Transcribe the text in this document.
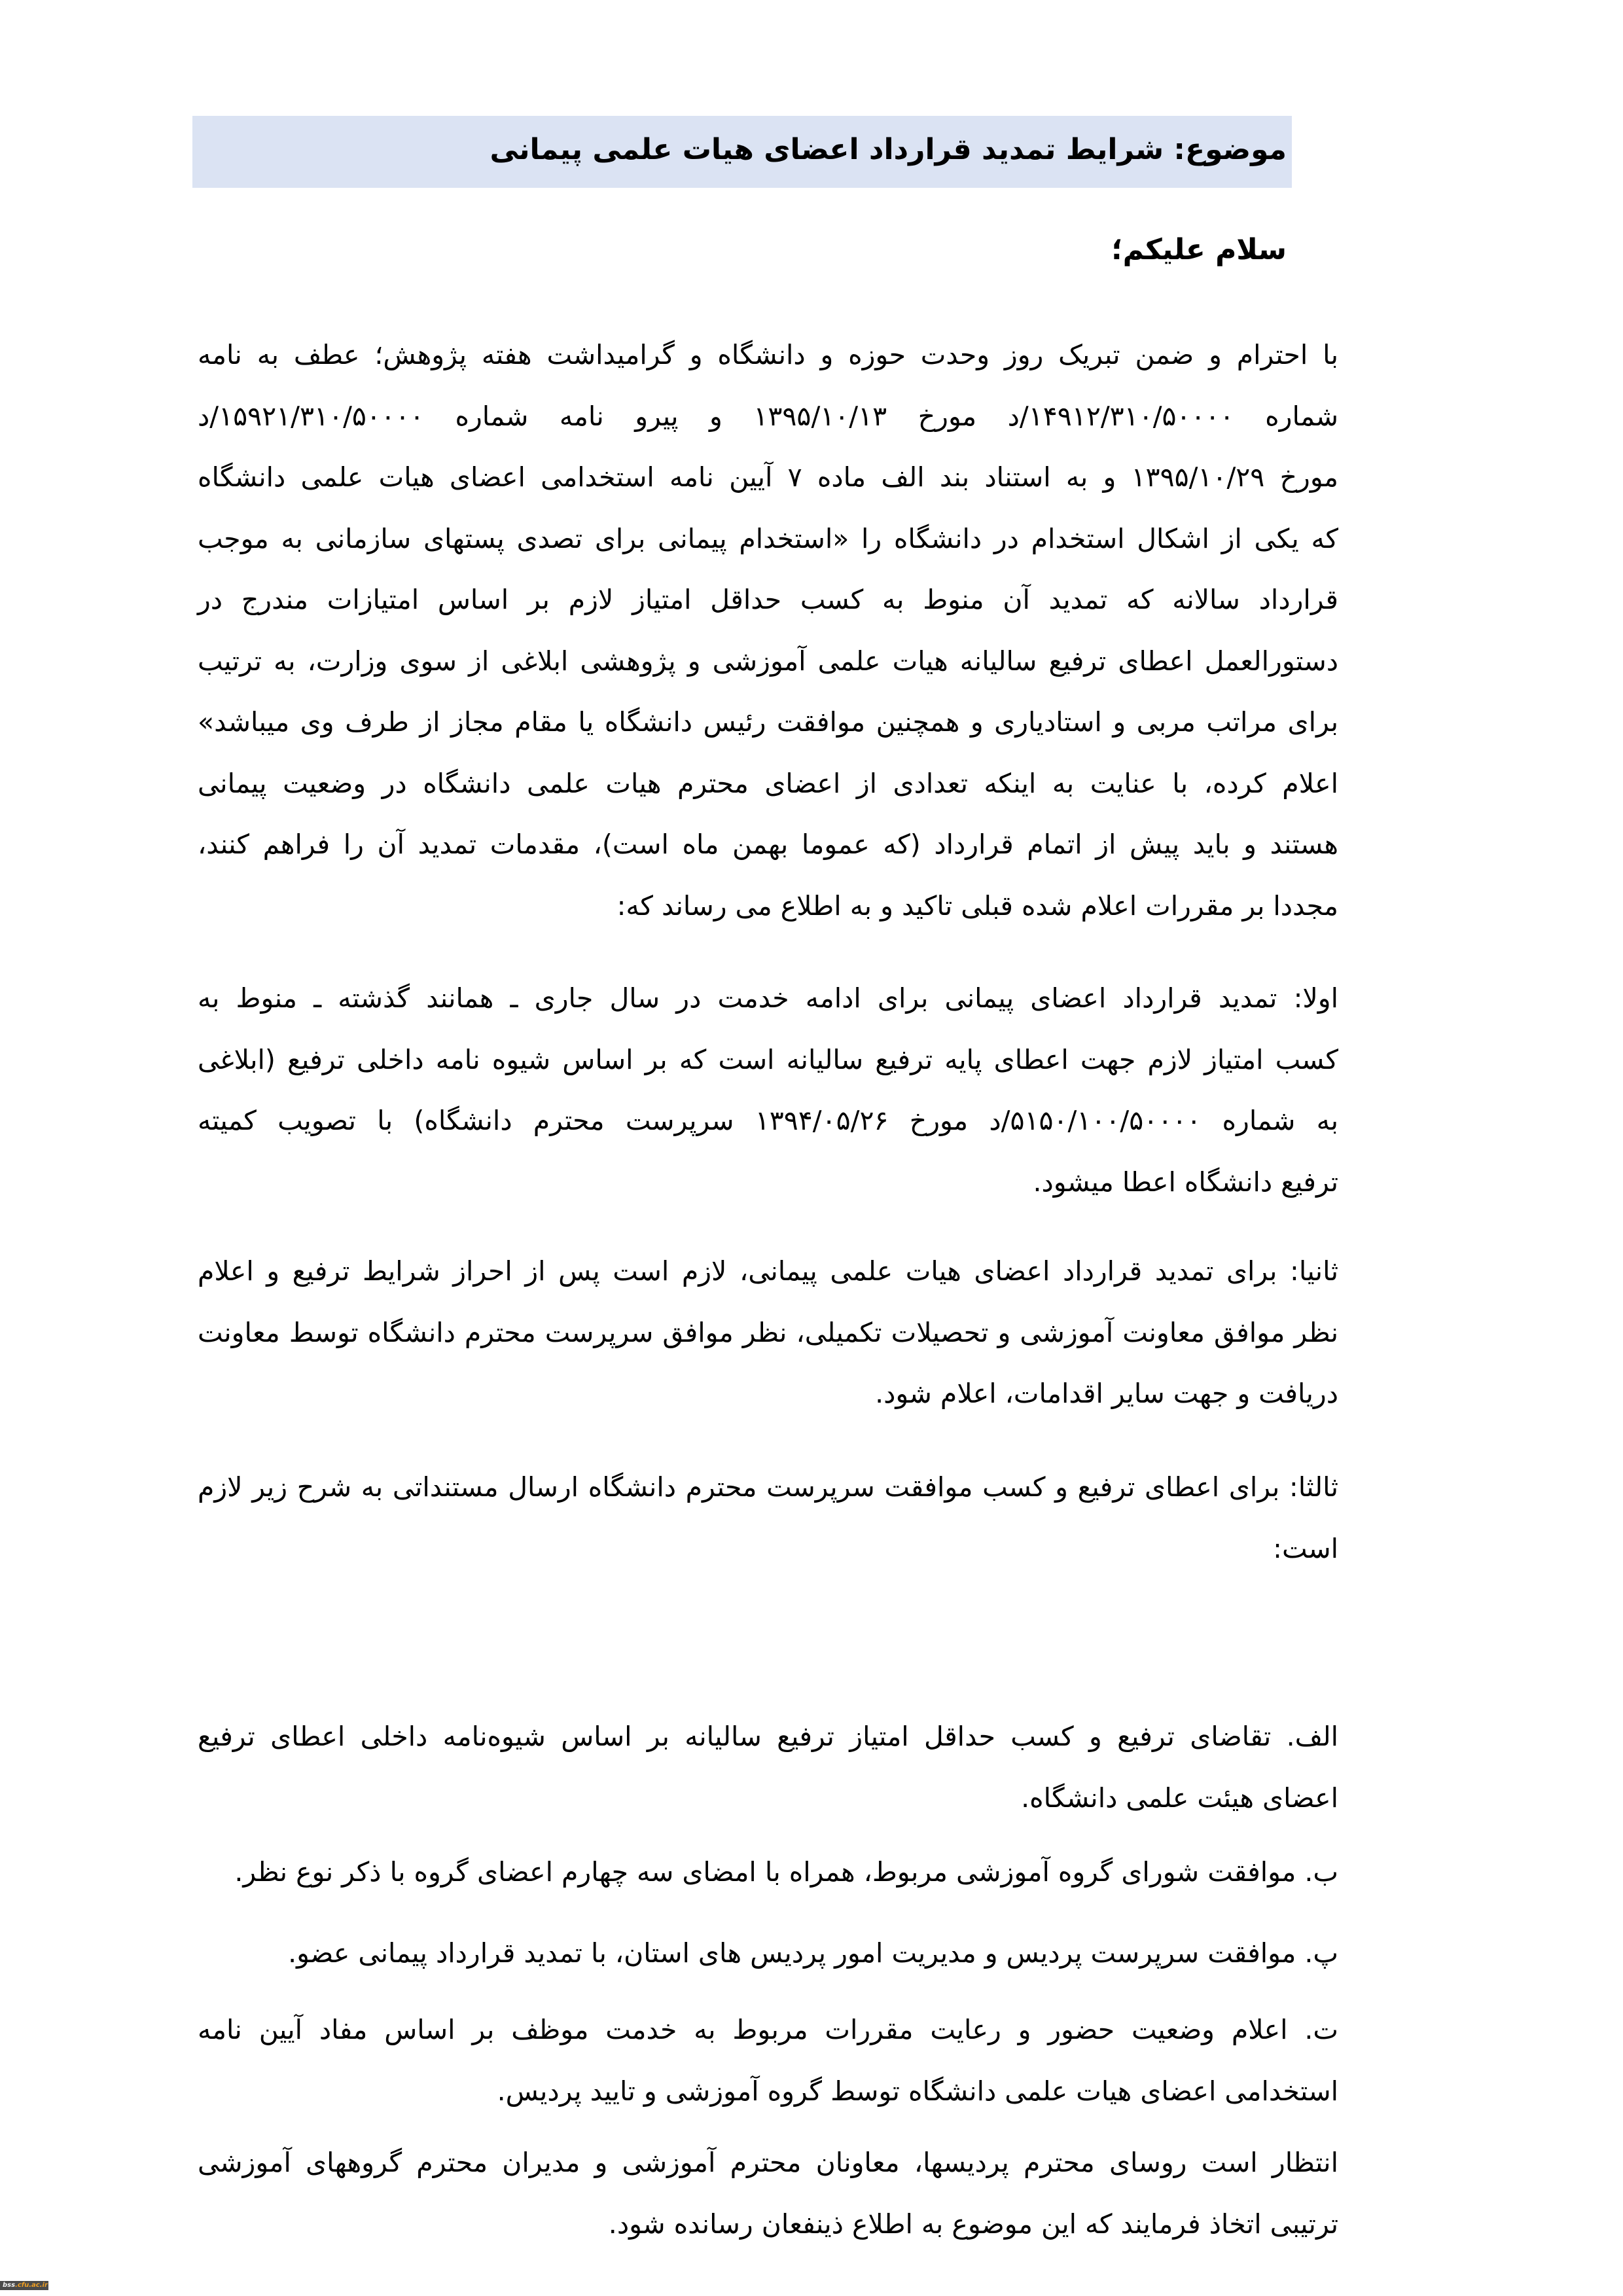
موضوع: شرایط تمدید قرارداد اعضای هیات علمی پیمانی
سلام علیکم؛
با احترام و ضمن تبریک روز وحدت حوزه و دانشگاه و گرامیداشت هفته پژوهش؛ عطف به نامه
شماره ۱۴۹۱۲/۳۱۰/۵۰۰۰۰/د مورخ ۱۳۹۵/۱۰/۱۳ و پیرو نامه شماره ۱۵۹۲۱/۳۱۰/۵۰۰۰۰/د
مورخ ۱۳۹۵/۱۰/۲۹ و به استناد بند الف ماده ۷ آیین نامه استخدامی اعضای هیات علمی دانشگاه
که یکی از اشکال استخدام در دانشگاه را «استخدام پیمانی برای تصدی پستهای سازمانی به موجب
قرارداد سالانه که تمدید آن منوط به کسب حداقل امتیاز لازم بر اساس امتیازات مندرج در
دستورالعمل اعطای ترفیع سالیانه هیات علمی آموزشی و پژوهشی ابلاغی از سوی وزارت، به ترتیب
برای مراتب مربی و استادیاری و همچنین موافقت رئیس دانشگاه یا مقام مجاز از طرف وی میباشد»
اعلام کرده، با عنایت به اینکه تعدادی از اعضای محترم هیات علمی دانشگاه در وضعیت پیمانی
هستند و باید پیش از اتمام قرارداد (که عموما بهمن ماه است)، مقدمات تمدید آن را فراهم کنند،
مجددا بر مقررات اعلام شده قبلی تاکید و به اطلاع می رساند که:
اولا: تمدید قرارداد اعضای پیمانی برای ادامه خدمت در سال جاری ـ همانند گذشته ـ منوط به
کسب امتیاز لازم جهت اعطای پایه ترفیع سالیانه است که بر اساس شیوه نامه داخلی ترفیع (ابلاغی
به شماره ۵۱۵۰/۱۰۰/۵۰۰۰۰/د مورخ ۱۳۹۴/۰۵/۲۶ سرپرست محترم دانشگاه) با تصویب کمیته
ترفیع دانشگاه اعطا میشود.
ثانیا: برای تمدید قرارداد اعضای هیات علمی پیمانی، لازم است پس از احراز شرایط ترفیع و اعلام
نظر موافق معاونت آموزشی و تحصیلات تکمیلی، نظر موافق سرپرست محترم دانشگاه توسط معاونت
دریافت و جهت سایر اقدامات، اعلام شود.
ثالثا: برای اعطای ترفیع و کسب موافقت سرپرست محترم دانشگاه ارسال مستنداتی به شرح زیر لازم
است:
الف. تقاضای ترفیع و کسب حداقل امتیاز ترفیع سالیانه بر اساس شیوه‌نامه داخلی اعطای ترفیع
اعضای هیئت علمی دانشگاه.
ب. موافقت شورای گروه آموزشی مربوط، همراه با امضای سه چهارم اعضای گروه با ذکر نوع نظر.
پ. موافقت سرپرست پردیس و مدیریت امور پردیس های استان، با تمدید قرارداد پیمانی عضو.
ت. اعلام وضعیت حضور و رعایت مقررات مربوط به خدمت موظف بر اساس مفاد آیین نامه
استخدامی اعضای هیات علمی دانشگاه توسط گروه آموزشی و تایید پردیس.
انتظار است روسای محترم پردیسها، معاونان محترم آموزشی و مدیران محترم گروههای آموزشی
ترتیبی اتخاذ فرمایند که این موضوع به اطلاع ذینفعان رسانده شود.
bss.cfu.ac.ir
